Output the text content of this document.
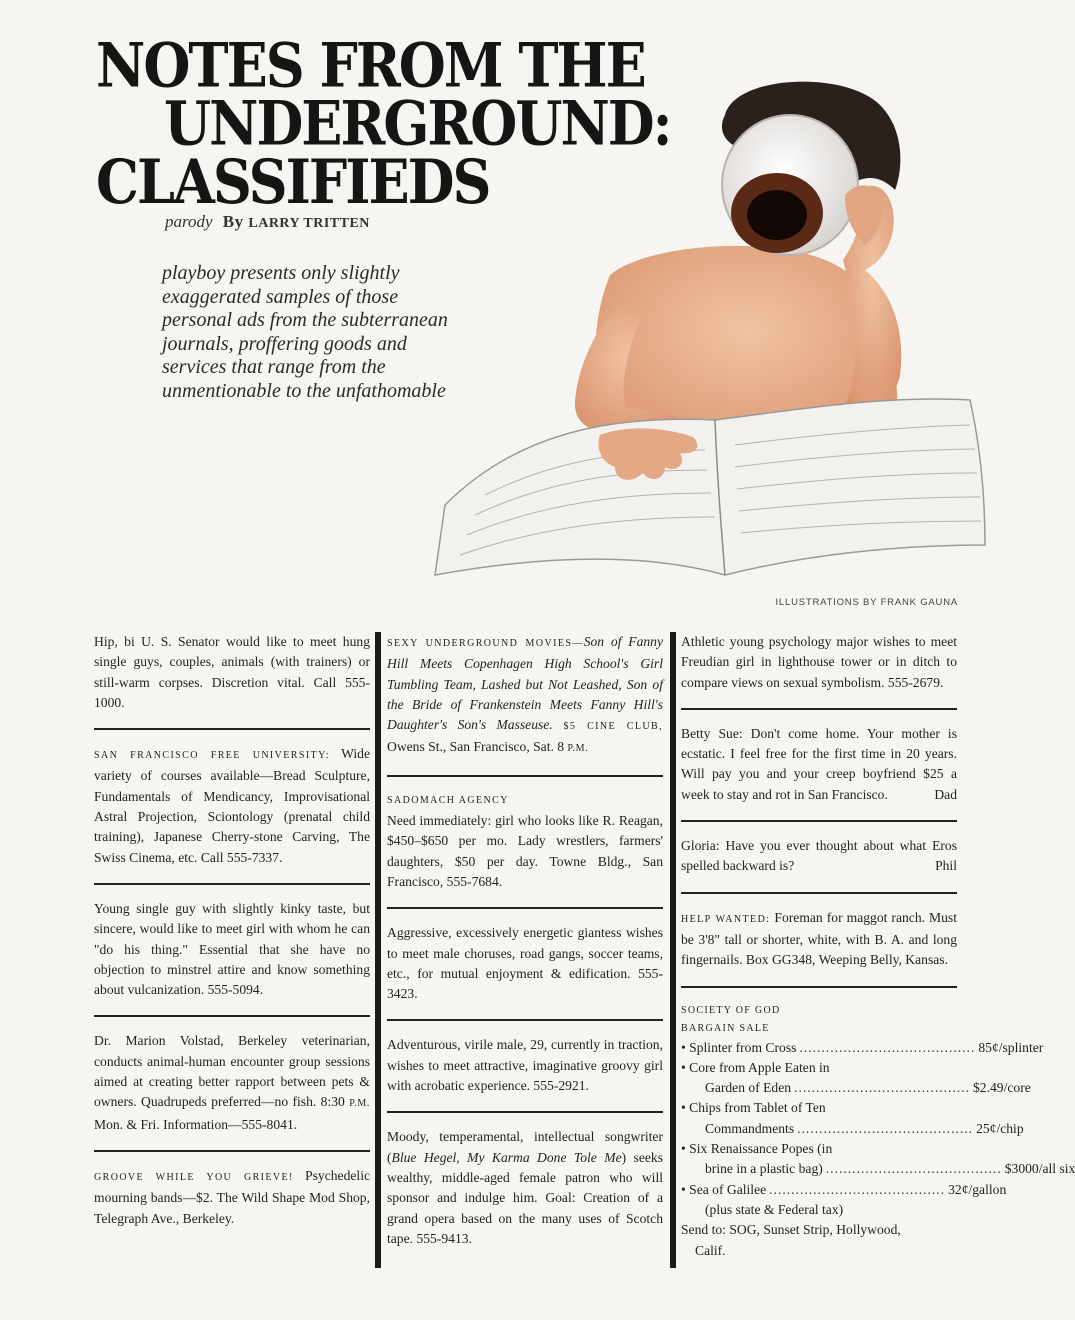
NOTES FROM THE
UNDERGROUND:
CLASSIFIEDS
parody By LARRY TRITTEN
playboy presents only slightly
exaggerated samples of those
personal ads from the subterranean
journals, proffering goods and
services that range from the
unmentionable to the unfathomable
ILLUSTRATIONS BY FRANK GAUNA
Hip, bi U. S. Senator would like to meet hung single guys, couples, animals (with trainers) or still-warm corpses. Discretion vital. Call 555-1000.
SAN FRANCISCO FREE UNIVERSITY: Wide variety of courses available—Bread Sculpture, Fundamentals of Mendicancy, Improvisational Astral Projection, Sciontology (prenatal child training), Japanese Cherry-stone Carving, The Swiss Cinema, etc. Call 555-7337.
Young single guy with slightly kinky taste, but sincere, would like to meet girl with whom he can "do his thing." Essential that she have no objection to minstrel attire and know something about vulcanization. 555-5094.
Dr. Marion Volstad, Berkeley veterinarian, conducts animal-human encounter group sessions aimed at creating better rapport between pets & owners. Quadrupeds preferred—no fish. 8:30 P.M. Mon. & Fri. Information—555-8041.
GROOVE WHILE YOU GRIEVE! Psychedelic mourning bands—$2. The Wild Shape Mod Shop, Telegraph Ave., Berkeley.
SEXY UNDERGROUND MOVIES—Son of Fanny Hill Meets Copenhagen High School's Girl Tumbling Team, Lashed but Not Leashed, Son of the Bride of Frankenstein Meets Fanny Hill's Daughter's Son's Masseuse. $5 CINE CLUB, Owens St., San Francisco, Sat. 8 P.M.
SADOMACH AGENCY
Need immediately: girl who looks like R. Reagan, $450–$650 per mo. Lady wrestlers, farmers' daughters, $50 per day. Towne Bldg., San Francisco, 555-7684.
Aggressive, excessively energetic giantess wishes to meet male choruses, road gangs, soccer teams, etc., for mutual enjoyment & edification. 555-3423.
Adventurous, virile male, 29, currently in traction, wishes to meet attractive, imaginative groovy girl with acrobatic experience. 555-2921.
Moody, temperamental, intellectual songwriter (Blue Hegel, My Karma Done Tole Me) seeks wealthy, middle-aged female patron who will sponsor and indulge him. Goal: Creation of a grand opera based on the many uses of Scotch tape. 555-9413.
Athletic young psychology major wishes to meet Freudian girl in lighthouse tower or in ditch to compare views on sexual symbolism. 555-2679.
Betty Sue: Don't come home. Your mother is ecstatic. I feel free for the first time in 20 years. Will pay you and your creep boyfriend $25 a week to stay and rot in San Francisco.	Dad
Gloria: Have you ever thought about what Eros spelled backward is?	Phil
HELP WANTED: Foreman for maggot ranch. Must be 3'8" tall or shorter, white, with B. A. and long fingernails. Box GG348, Weeping Belly, Kansas.
SOCIETY OF GOD
BARGAIN SALE
• Splinter from Cross ........................................ 85¢/splinter
• Core from Apple Eaten in
Garden of Eden ........................................ $2.49/core
• Chips from Tablet of Ten
Commandments ........................................ 25¢/chip
• Six Renaissance Popes (in
brine in a plastic bag) ........................................ $3000/all six
• Sea of Galilee ........................................ 32¢/gallon
(plus state & Federal tax)
Send to: SOG, Sunset Strip, Hollywood,
Calif.
